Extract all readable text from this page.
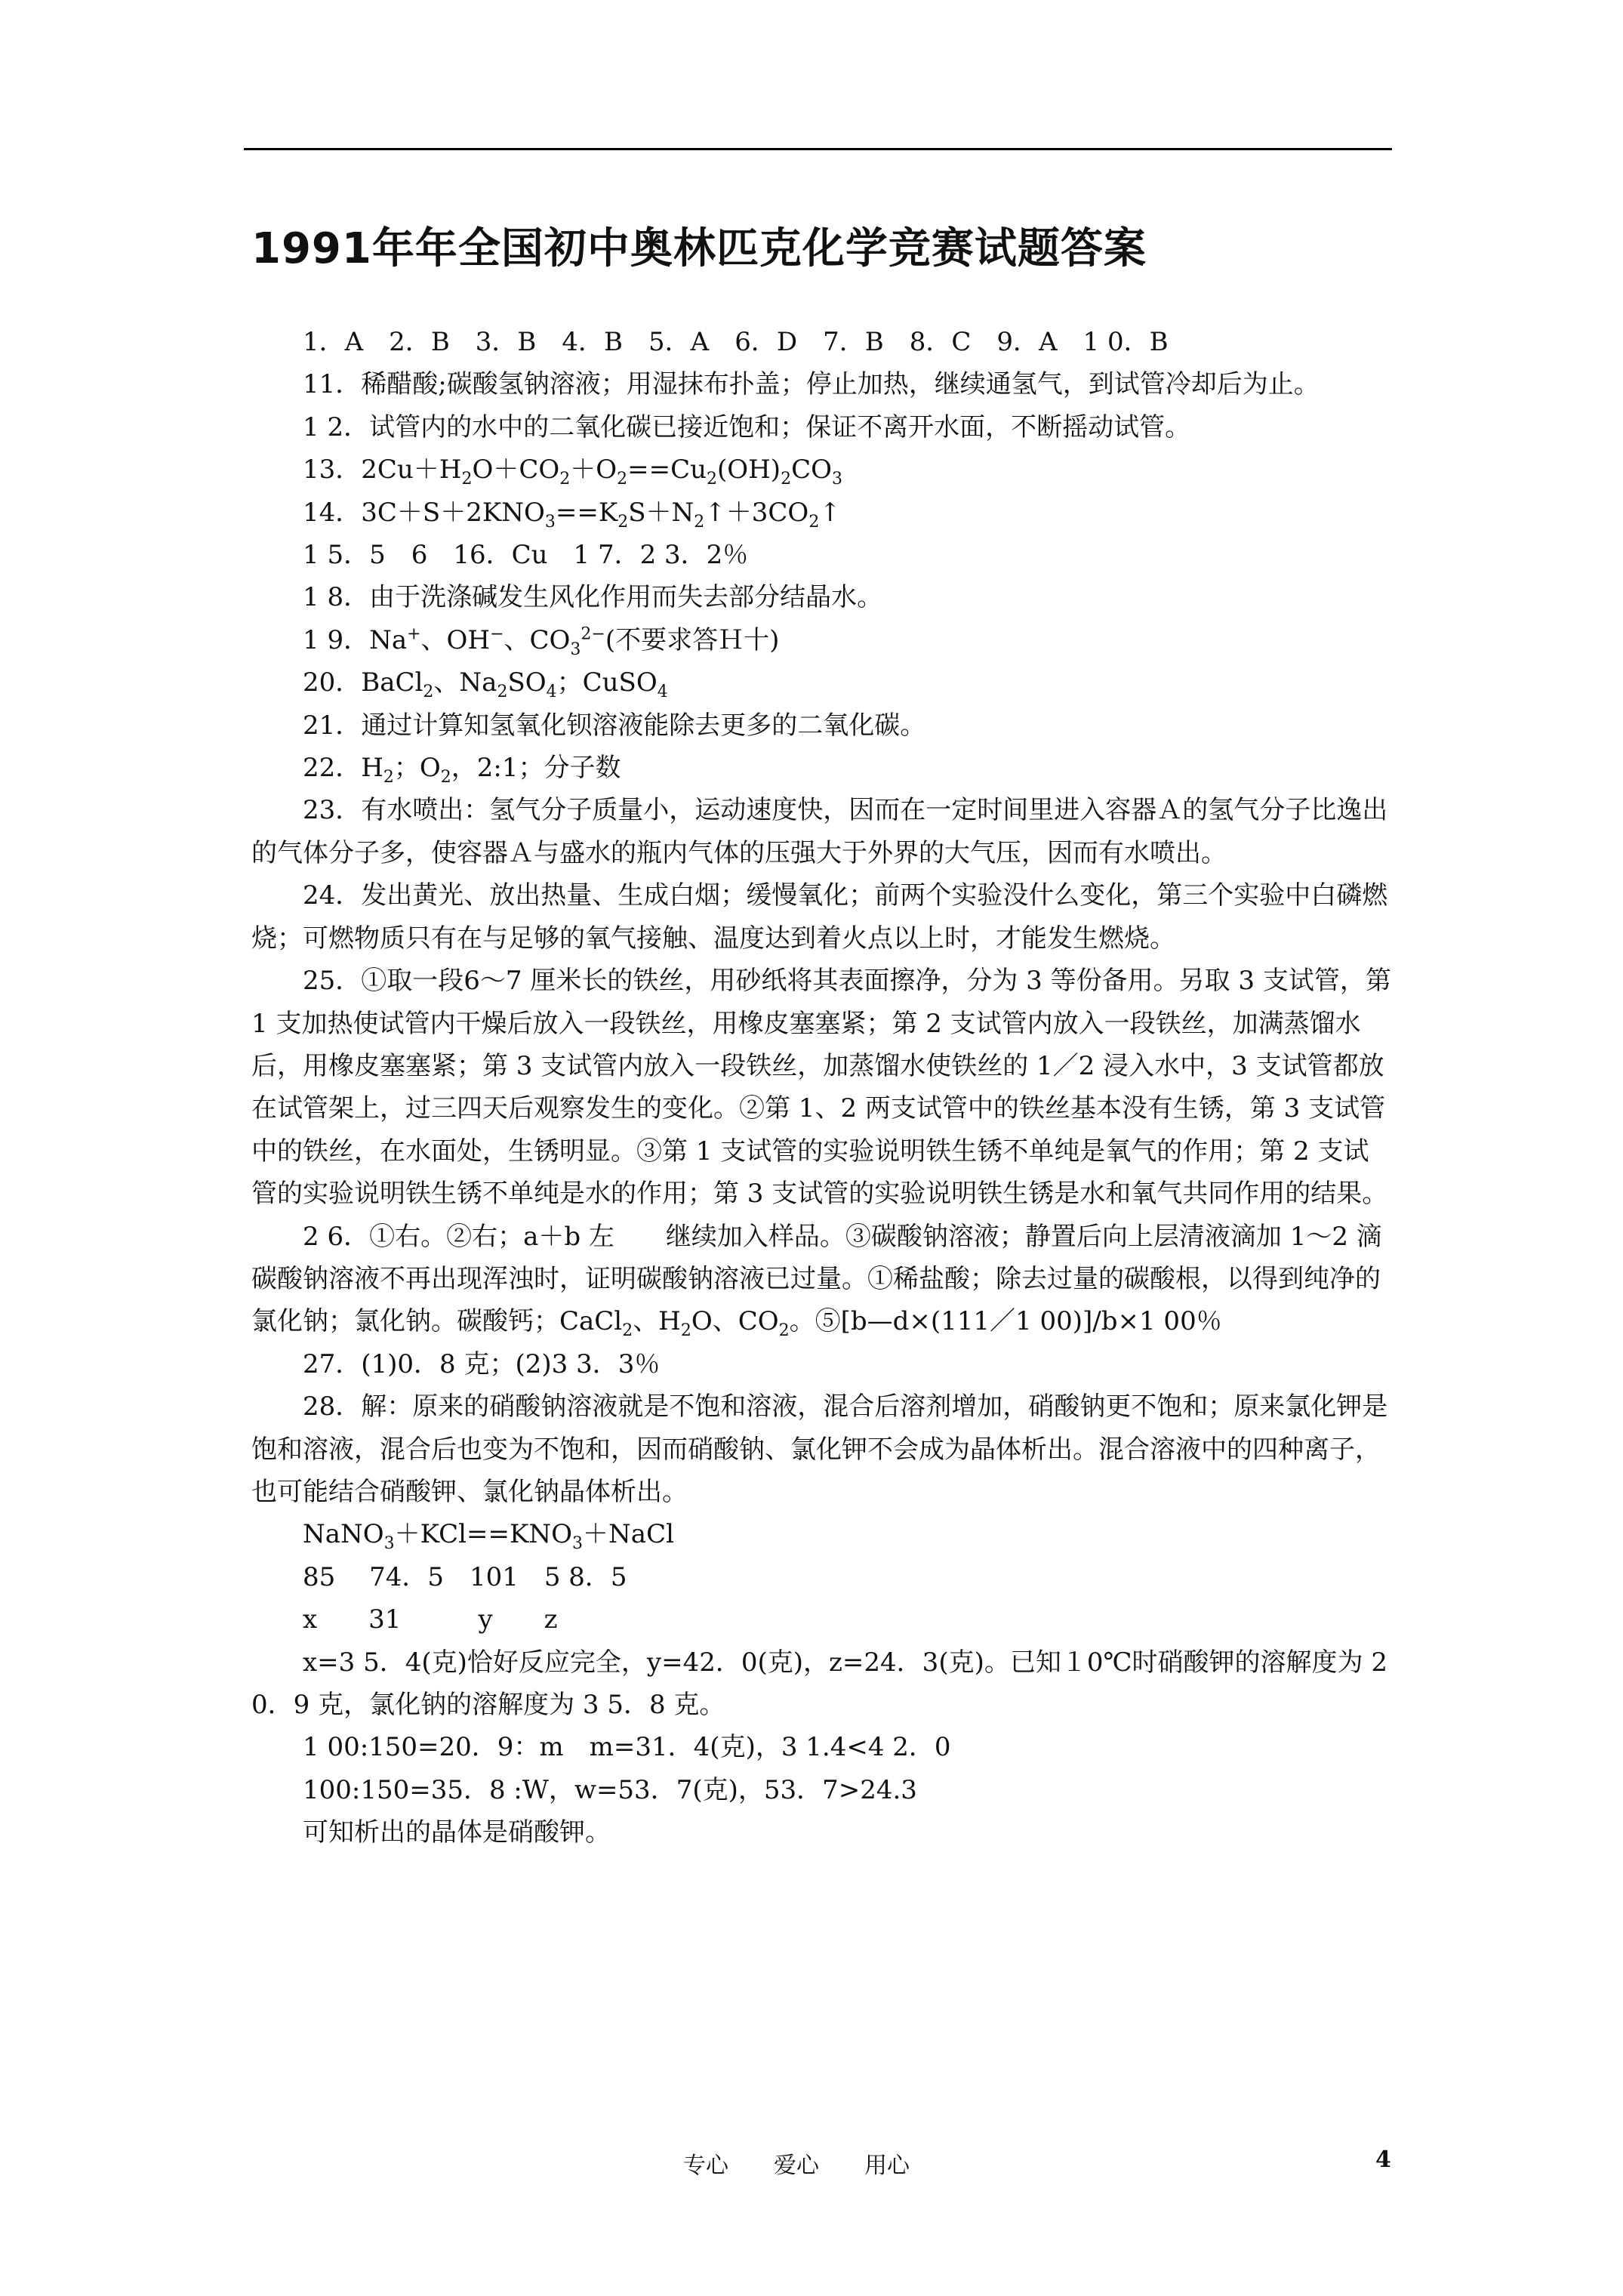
1991年年全国初中奥林匹克化学竞赛试题答案

1．A　2．B　3．B　4．B　5．A　6．D　7．B　8．C　9．A　1 0．B

11．稀醋酸;碳酸氢钠溶液；用湿抹布扑盖；停止加热，继续通氢气，到试管冷却后为止。

1 2．试管内的水中的二氧化碳已接近饱和；保证不离开水面，不断摇动试管。

13．$2Cu+H_2O+CO_2+O_2==Cu_2(OH)_2CO_3$

14．$3C+S+2KNO_3==K_2S+N_2↑+3CO_2↑$

1 5．5　6　16．Cu　1 7．2 3．2％

1 8．由于洗涤碱发生风化作用而失去部分结晶水。

1 9．Na+、OH−、$CO_3^{2-}$(不要求答Ｈ十)

20．BaCl$_2$、$Na_2SO_4$；CuSO$_4$

21．通过计算知氢氧化钡溶液能除去更多的二氧化碳。

22．$H_2$；$O_2$，2:1；分子数

23．有水喷出：氢气分子质量小，运动速度快，因而在一定时间里进入容器Ａ的氢气分子比逸出的气体分子多，使容器Ａ与盛水的瓶内气体的压强大于外界的大气压，因而有水喷出。

24．发出黄光、放出热量、生成白烟；缓慢氧化；前两个实验没什么变化，第三个实验中白磷燃烧；可燃物质只有在与足够的氧气接触、温度达到着火点以上时，才能发生燃烧。

25．①取一段6～7 厘米长的铁丝，用砂纸将其表面擦净，分为 3 等份备用。另取 3 支试管，第 1 支加热使试管内干燥后放入一段铁丝，用橡皮塞塞紧；第 2 支试管内放入一段铁丝，加满蒸馏水后，用橡皮塞塞紧；第 3 支试管内放入一段铁丝，加蒸馏水使铁丝的 1／2 浸入水中，3 支试管都放在试管架上，过三四天后观察发生的变化。②第 1、2 两支试管中的铁丝基本没有生锈，第 3 支试管中的铁丝，在水面处，生锈明显。③第 1 支试管的实验说明铁生锈不单纯是氧气的作用；第 2 支试管的实验说明铁生锈不单纯是水的作用；第 3 支试管的实验说明铁生锈是水和氧气共同作用的结果。

2 6．①右。②右；a＋b 左　　继续加入样品。③碳酸钠溶液；静置后向上层清液滴加 1～2 滴碳酸钠溶液不再出现浑浊时，证明碳酸钠溶液已过量。①稀盐酸；除去过量的碳酸根，以得到纯净的氯化钠；氯化钠。碳酸钙；CaCl$_2$、$H_2O$、$CO_2$。⑤[b—d×(111／1 00)]/b×1 00％

27．(1)0．8 克；(2)3 3．3％

28．解：原来的硝酸钠溶液就是不饱和溶液，混合后溶剂增加，硝酸钠更不饱和；原来氯化钾是饱和溶液，混合后也变为不饱和，因而硝酸钠、氯化钾不会成为晶体析出。混合溶液中的四种离子，也可能结合硝酸钾、氯化钠晶体析出。

$NaNO_3+KCl==KNO_3+NaCl$

85　 74．5　101　5 8．5

x　　31　　　y　　z

x=3 5．4(克)恰好反应完全，y=42．0(克)，z=24．3(克)。已知１0℃时硝酸钾的溶解度为 20．9 克，氯化钠的溶解度为 3 5．8 克。

1 00:150=20．9：m　m=31．4(克)，3 1.4<4 2．0

100:150=35．8 :W，w=53．7(克)，53．7>24.3

可知析出的晶体是硝酸钾。

专心　　爱心　　用心	4
